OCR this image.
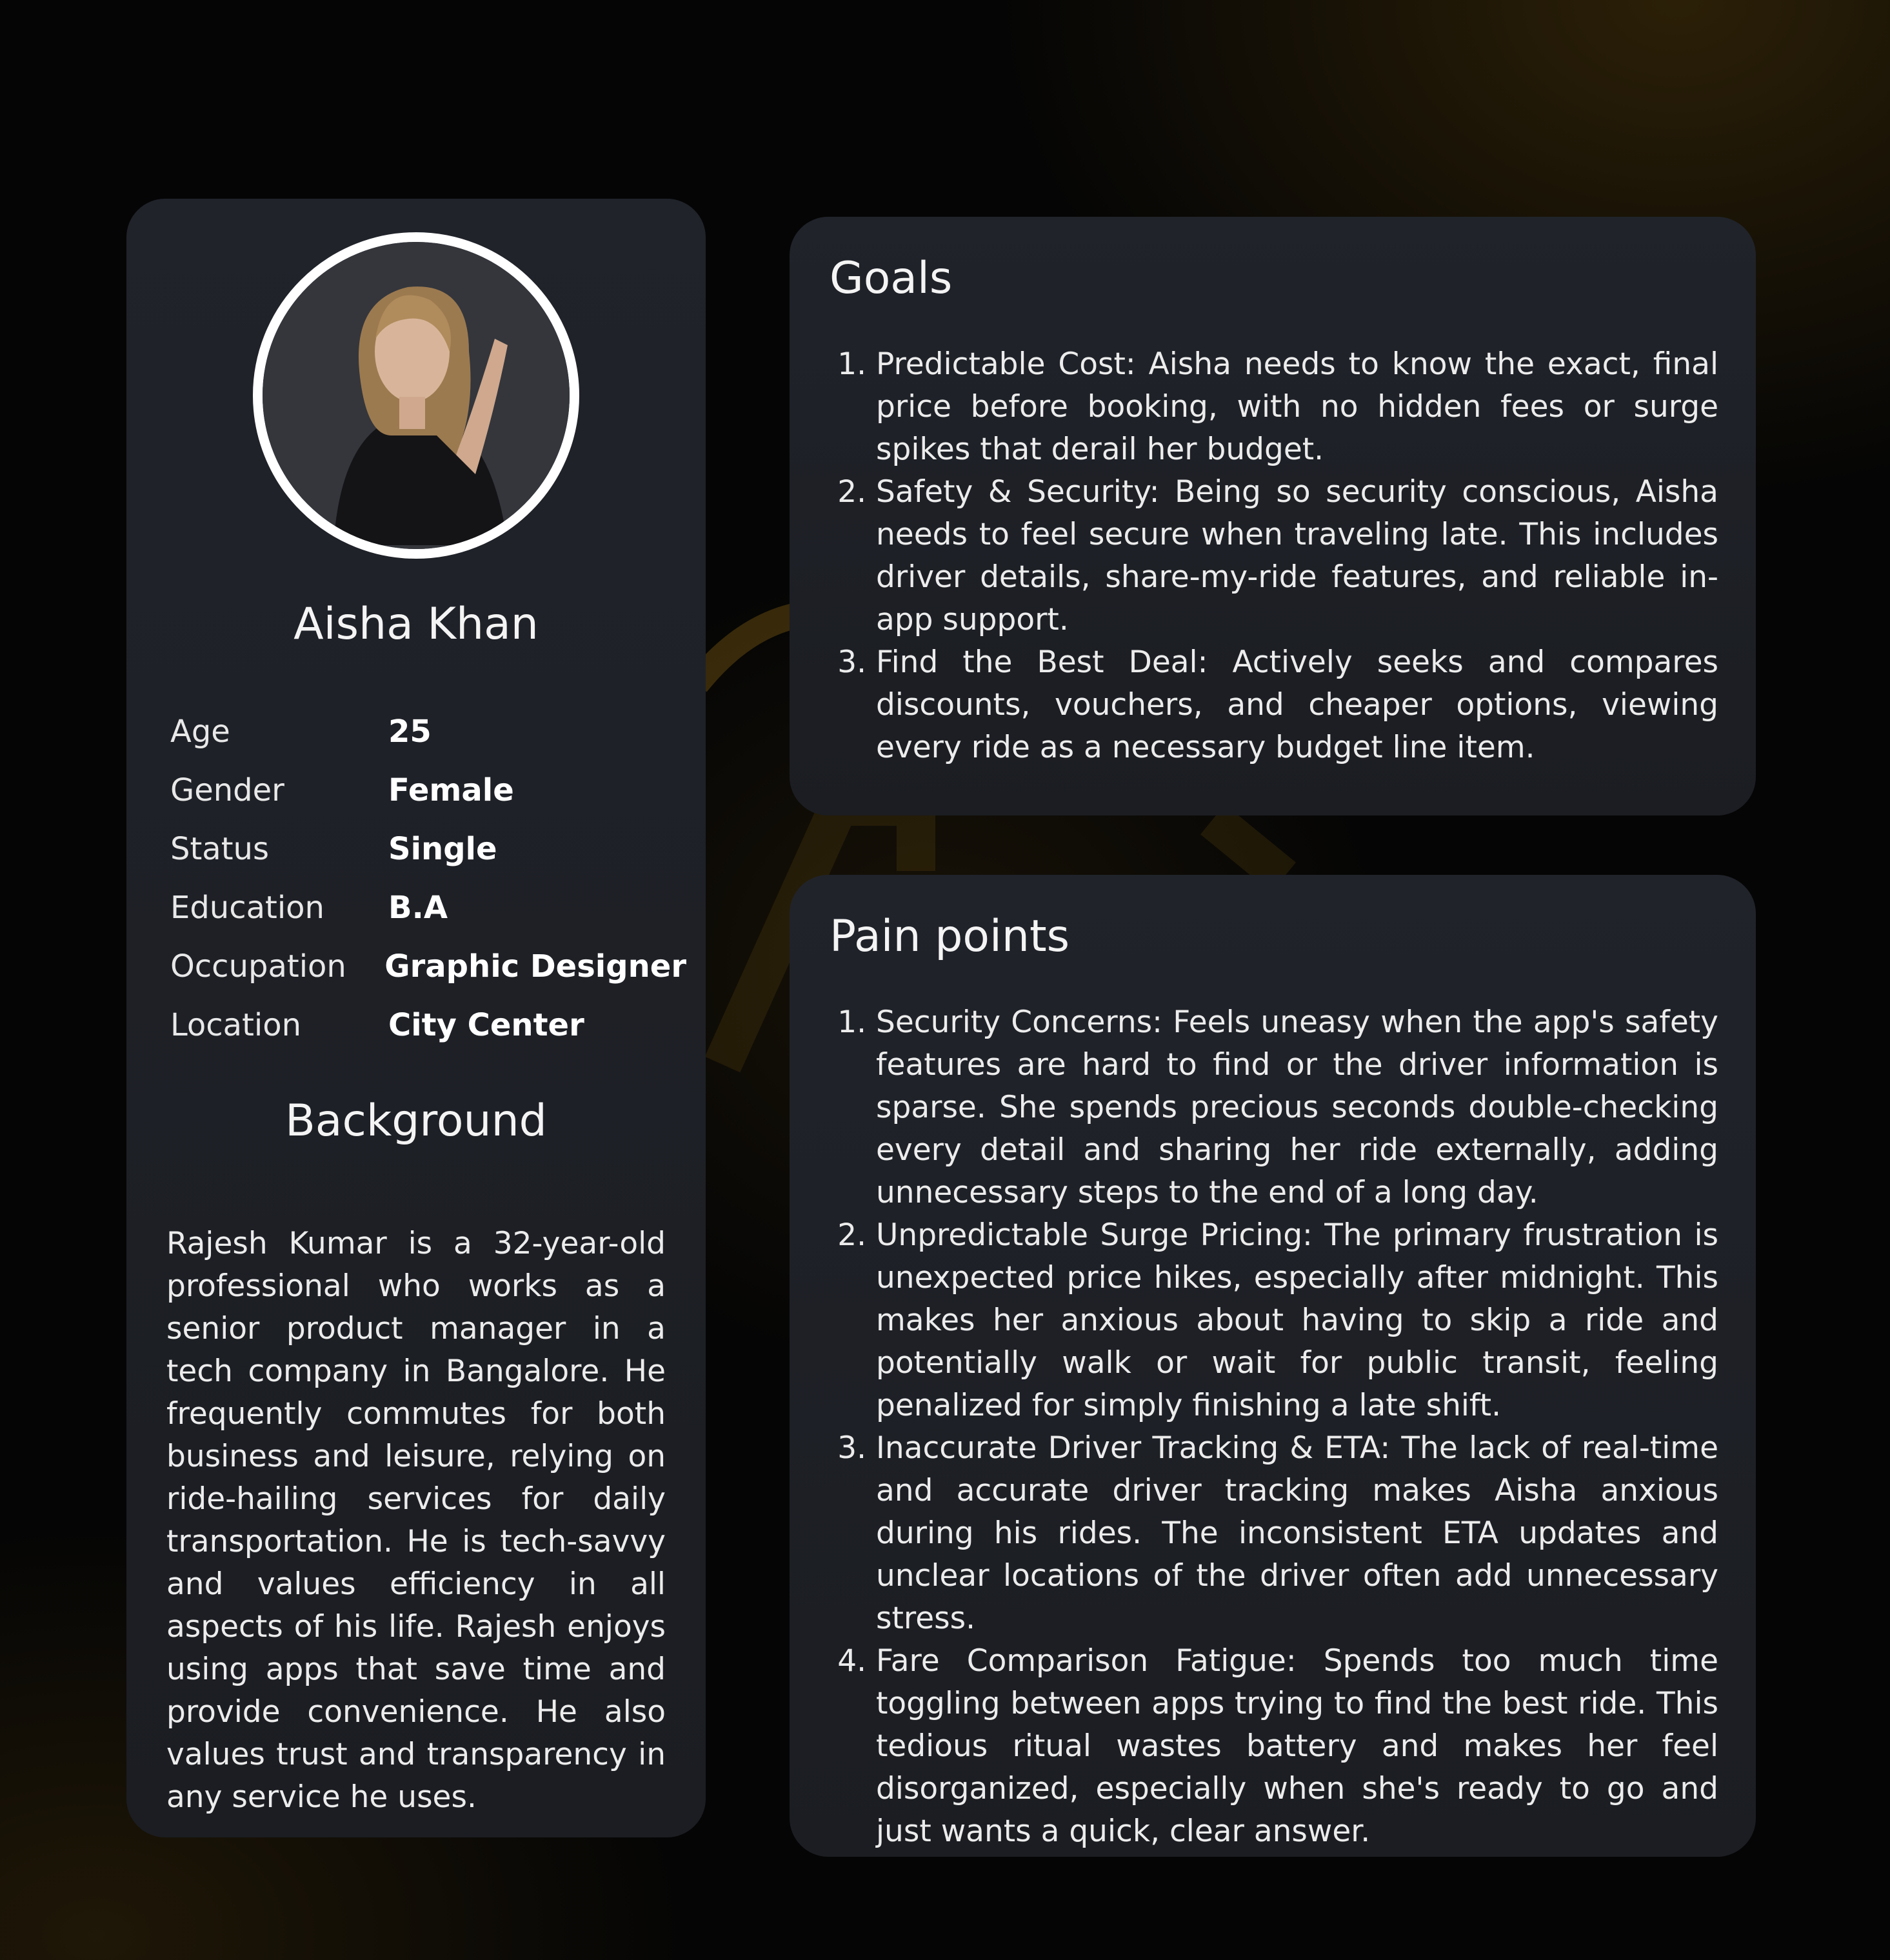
Aisha Khan
Age	25
Gender	Female
Status	Single
Education	B.A
Occupation	Graphic Designer
Location	City Center
Background

Rajesh Kumar is a 32-year-old professional who works as a senior product manager in a tech company in Bangalore. He frequently commutes for both business and leisure, relying on ride-hailing services for daily transportation. He is tech-savvy and values efficiency in all aspects of his life. Rajesh enjoys using apps that save time and provide convenience. He also values trust and transparency in any service he uses.

Goals
1. Predictable Cost: Aisha needs to know the exact, final price before booking, with no hidden fees or surge spikes that derail her budget.
2. Safety & Security: Being so security conscious, Aisha needs to feel secure when traveling late. This includes driver details, share-my-ride features, and reliable in-app support.
3. Find the Best Deal: Actively seeks and compares discounts, vouchers, and cheaper options, viewing every ride as a necessary budget line item.
Pain points
1. Security Concerns: Feels uneasy when the app's safety features are hard to find or the driver information is sparse. She spends precious seconds double-checking every detail and sharing her ride externally, adding unnecessary steps to the end of a long day.
2. Unpredictable Surge Pricing: The primary frustration is unexpected price hikes, especially after midnight. This makes her anxious about having to skip a ride and potentially walk or wait for public transit, feeling penalized for simply finishing a late shift.
3. Inaccurate Driver Tracking & ETA: The lack of real-time and accurate driver tracking makes Aisha anxious during his rides. The inconsistent ETA updates and unclear locations of the driver often add unnecessary stress.
4. Fare Comparison Fatigue: Spends too much time toggling between apps trying to find the best ride. This tedious ritual wastes battery and makes her feel disorganized, especially when she's ready to go and just wants a quick, clear answer.
